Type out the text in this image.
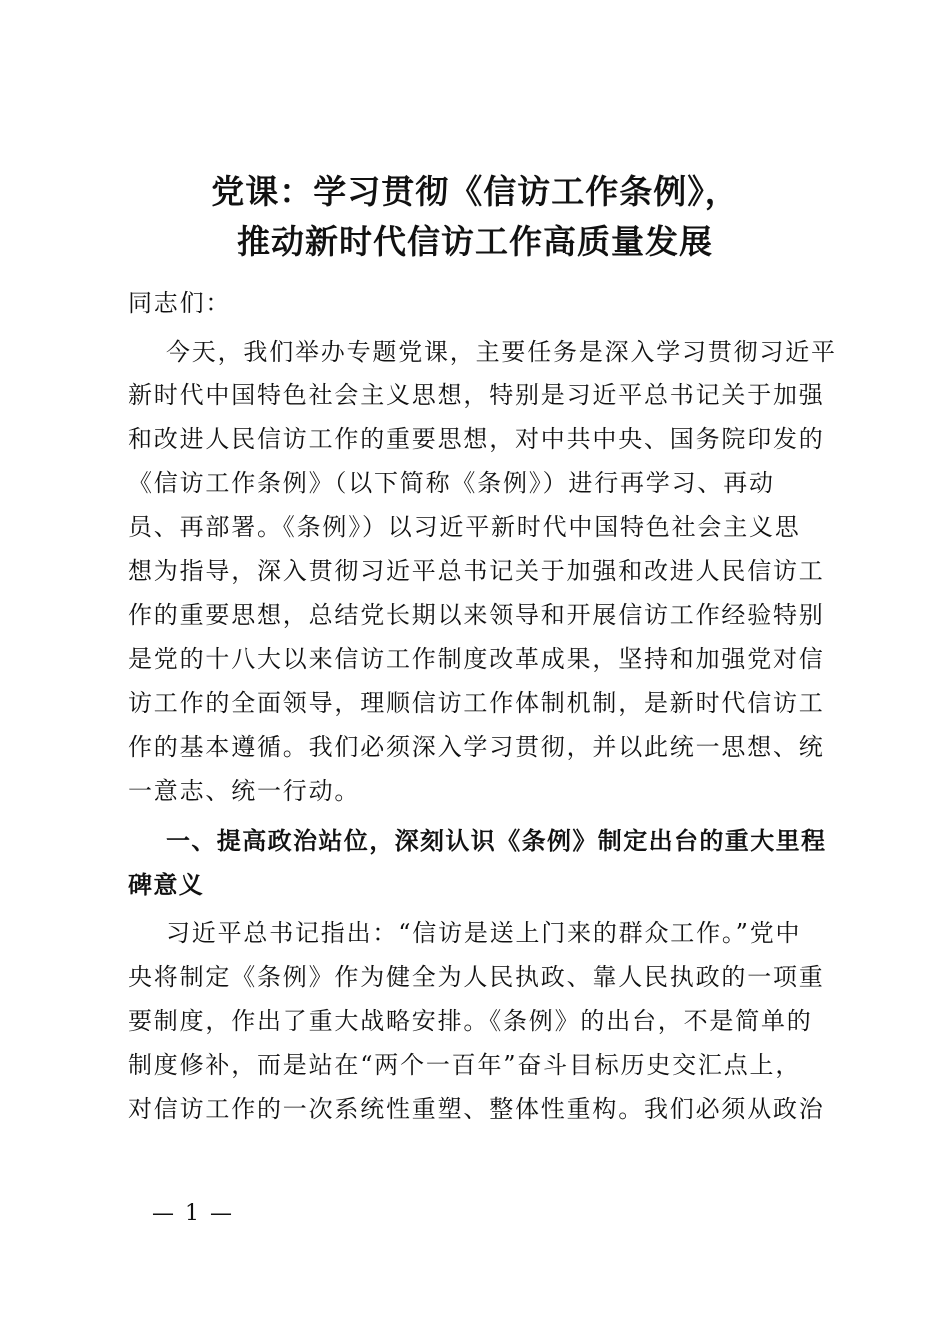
党课：学习贯彻《信访工作条例》，
推动新时代信访工作高质量发展
同志们：
今天，我们举办专题党课，主要任务是深入学习贯彻习近平
新时代中国特色社会主义思想，特别是习近平总书记关于加强
和改进人民信访工作的重要思想，对中共中央、国务院印发的
《信访工作条例》（以下简称《条例》）进行再学习、再动
员、再部署。《条例》）以习近平新时代中国特色社会主义思
想为指导，深入贯彻习近平总书记关于加强和改进人民信访工
作的重要思想，总结党长期以来领导和开展信访工作经验特别
是党的十八大以来信访工作制度改革成果，坚持和加强党对信
访工作的全面领导，理顺信访工作体制机制，是新时代信访工
作的基本遵循。我们必须深入学习贯彻，并以此统一思想、统
一意志、统一行动。
一、提高政治站位，深刻认识《条例》制定出台的重大里程
碑意义
习近平总书记指出：“信访是送上门来的群众工作。”党中
央将制定《条例》作为健全为人民执政、靠人民执政的一项重
要制度，作出了重大战略安排。《条例》的出台，不是简单的
制度修补，而是站在“两个一百年”奋斗目标历史交汇点上，
对信访工作的一次系统性重塑、整体性重构。我们必须从政治
— 1 —
